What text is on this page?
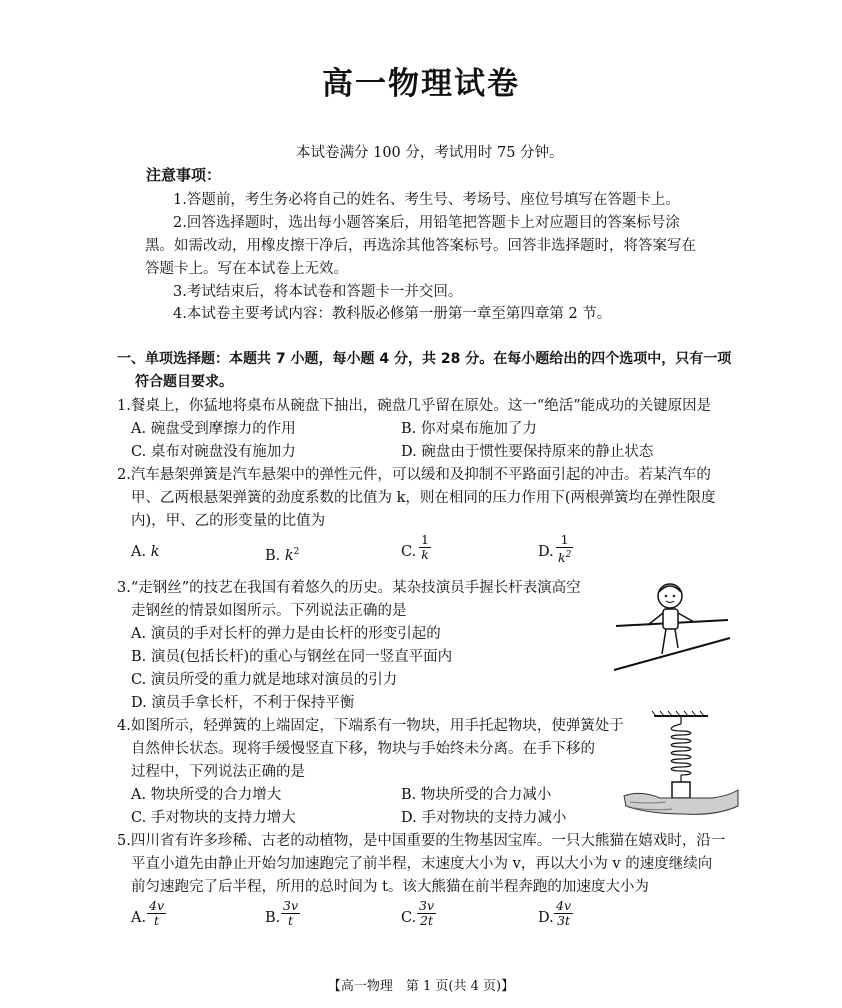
高一物理试卷
本试卷满分 100 分，考试用时 75 分钟。
注意事项：
1.答题前，考生务必将自己的姓名、考生号、考场号、座位号填写在答题卡上。
2.回答选择题时，选出每小题答案后，用铅笔把答题卡上对应题目的答案标号涂
黑。如需改动，用橡皮擦干净后，再选涂其他答案标号。回答非选择题时，将答案写在
答题卡上。写在本试卷上无效。
3.考试结束后，将本试卷和答题卡一并交回。
4.本试卷主要考试内容：教科版必修第一册第一章至第四章第 2 节。
一、单项选择题：本题共 7 小题，每小题 4 分，共 28 分。在每小题给出的四个选项中，只有一项
符合题目要求。
1.餐桌上，你猛地将桌布从碗盘下抽出，碗盘几乎留在原处。这一“绝活”能成功的关键原因是
A. 碗盘受到摩擦力的作用	B. 你对桌布施加了力
C. 桌布对碗盘没有施加力	D. 碗盘由于惯性要保持原来的静止状态
2.汽车悬架弹簧是汽车悬架中的弹性元件，可以缓和及抑制不平路面引起的冲击。若某汽车的
甲、乙两根悬架弹簧的劲度系数的比值为 k，则在相同的压力作用下(两根弹簧均在弹性限度
内)，甲、乙的形变量的比值为
A. k	B. $k^2$	C. $\frac{1}{k}$	D. $\frac{1}{k^2}$
3.“走钢丝”的技艺在我国有着悠久的历史。某杂技演员手握长杆表演高空
走钢丝的情景如图所示。下列说法正确的是
A. 演员的手对长杆的弹力是由长杆的形变引起的
B. 演员(包括长杆)的重心与钢丝在同一竖直平面内
C. 演员所受的重力就是地球对演员的引力
D. 演员手拿长杆，不利于保持平衡
4.如图所示，轻弹簧的上端固定，下端系有一物块，用手托起物块，使弹簧处于
自然伸长状态。现将手缓慢竖直下移，物块与手始终未分离。在手下移的
过程中，下列说法正确的是
A. 物块所受的合力增大	B. 物块所受的合力减小
C. 手对物块的支持力增大	D. 手对物块的支持力减小
5.四川省有许多珍稀、古老的动植物，是中国重要的生物基因宝库。一只大熊猫在嬉戏时，沿一
平直小道先由静止开始匀加速跑完了前半程，末速度大小为 v，再以大小为 v 的速度继续向
前匀速跑完了后半程，所用的总时间为 t。该大熊猫在前半程奔跑的加速度大小为
A. $\frac{4v}{t}$	B. $\frac{3v}{t}$	C. $\frac{3v}{2t}$	D. $\frac{4v}{3t}$
【高一物理　第 1 页(共 4 页)】
